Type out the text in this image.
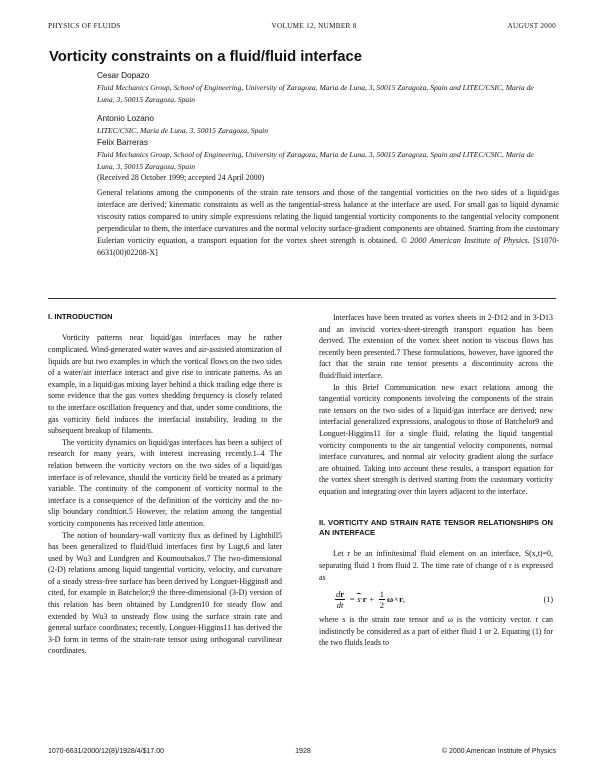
PHYSICS OF FLUIDS	VOLUME 12, NUMBER 8	AUGUST 2000
Vorticity constraints on a fluid/fluid interface
Cesar Dopazo
Fluid Mechanics Group, School of Engineering, University of Zaragoza, Maria de Luna, 3, 50015 Zaragoza, Spain and LITEC/CSIC, Maria de Luna, 3, 50015 Zaragoza, Spain
Antonio Lozano
LITEC/CSIC, Maria de Luna, 3, 50015 Zaragoza, Spain
Felix Barreras
Fluid Mechanics Group, School of Engineering, University of Zaragoza, Maria de Luna, 3, 50015 Zaragoza, Spain and LITEC/CSIC, Maria de Luna, 3, 50015 Zaragoza, Spain
(Received 28 October 1999; accepted 24 April 2000)
General relations among the components of the strain rate tensors and those of the tangential vorticities on the two sides of a liquid/gas interface are derived; kinematic constraints as well as the tangential-stress balance at the interface are used. For small gas to liquid dynamic viscosity ratios compared to unity simple expressions relating the liquid tangential vorticity components to the tangential velocity component perpendicular to them, the interface curvatures and the normal velocity surface-gradient components are obtained. Starting from the customary Eulerian vorticity equation, a transport equation for the vortex sheet strength is obtained. © 2000 American Institute of Physics. [S1070-6631(00)02208-X]
I. INTRODUCTION

Vorticity patterns near liquid/gas interfaces may be rather complicated. Wind-generated water waves and air-assisted atomization of liquids are but two examples in which the vortical flows on the two sides of a water/air interface interact and give rise to intricate patterns. As an example, in a liquid/gas mixing layer behind a thick trailing edge there is some evidence that the gas vortex shedding frequency is closely related to the interface oscillation frequency and that, under some conditions, the gas vorticity field induces the interfacial instability, leading to the subsequent breakup of filaments.

The vorticity dynamics on liquid/gas interfaces has been a subject of research for many years, with interest increasing recently.1–4 The relation between the vorticity vectors on the two sides of a liquid/gas interface is of relevance, should the vorticity field be treated as a primary variable. The continuity of the component of vorticity normal to the interface is a consequence of the definition of the vorticity and the no-slip boundary condition.5 However, the relation among the tangential vorticity components has received little attention.

The notion of boundary-wall vorticity flux as defined by Lighthill5 has been generalized to fluid/fluid interfaces first by Lugt,6 and later used by Wu3 and Lundgren and Koumoutsakos.7 The two-dimensional (2-D) relations among liquid tangential vorticity, velocity, and curvature of a steady stress-free surface has been derived by Longuet-Higgins8 and cited, for example in Batchelor;9 the three-dimensional (3-D) version of this relation has been obtained by Lundgren10 for steady flow and extended by Wu3 to unsteady flow using the surface strain rate and general surface coordinates; recently, Longuet-Higgins11 has derived the 3-D form in terms of the strain-rate tensor using orthogonal curvilinear coordinates.

Interfaces have been treated as vortex sheets in 2-D12 and in 3-D13 and an inviscid vortex-sheet-strength transport equation has been derived. The extension of the vortex sheet notion to viscous flows has recently been presented.7 These formulations, however, have ignored the fact that the strain rate tensor presents a discontinuity across the fluid/fluid interface.

In this Brief Communication new exact relations among the tangential vorticity components involving the components of the strain rate tensors on the two sides of a liquid/gas interface are derived; new interfacial generalized expressions, analogous to those of Batchelor9 and Longuet-Higgins11 for a single fluid, relating the liquid tangential vorticity components to the air tangential velocity components, normal interface curvatures, and normal air velocity gradient along the surface are obtained. Taking into account these results, a transport equation for the vortex sheet strength is derived starting from the customary vorticity equation and integrating over thin layers adjacent to the interface.

II. VORTICITY AND STRAIN RATE TENSOR RELATIONSHIPS ON AN INTERFACE

Let r be an infinitesimal fluid element on an interface, S(x,t)=0, separating fluid 1 from fluid 2. The time rate of change of r is expressed as

$\frac{dr}{dt} = \overline{s}\cdot r + \frac{1}{2} \omega\times r$,	(1)

where s is the strain rate tensor and ω is the vorticity vector. r can indistinctly be considered as a part of either fluid 1 or 2. Equating (1) for the two fluids leads to

1070-6631/2000/12(8)/1928/4/$17.00	1928	© 2000 American Institute of Physics
